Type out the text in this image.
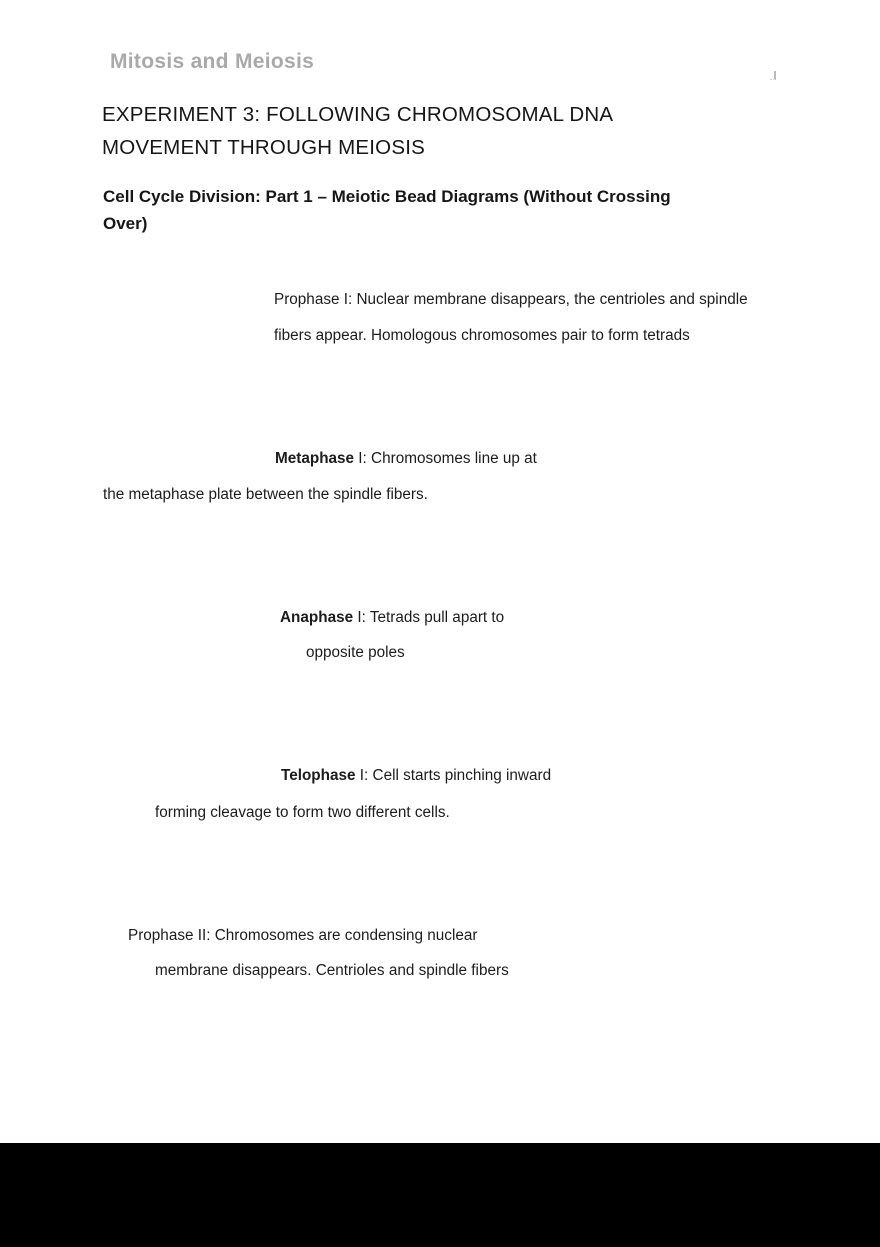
Mitosis and Meiosis
EXPERIMENT 3: FOLLOWING CHROMOSOMAL DNA
MOVEMENT THROUGH MEIOSIS
Cell Cycle Division: Part 1 – Meiotic Bead Diagrams (Without Crossing
Over)
Prophase I: Nuclear membrane disappears, the centrioles and spindle
fibers appear. Homologous chromosomes pair to form tetrads
Metaphase I: Chromosomes line up at
the metaphase plate between the spindle fibers.
Anaphase I: Tetrads pull apart to
opposite poles
Telophase I: Cell starts pinching inward
forming cleavage to form two different cells.
Prophase II: Chromosomes are condensing nuclear
membrane disappears. Centrioles and spindle fibers
